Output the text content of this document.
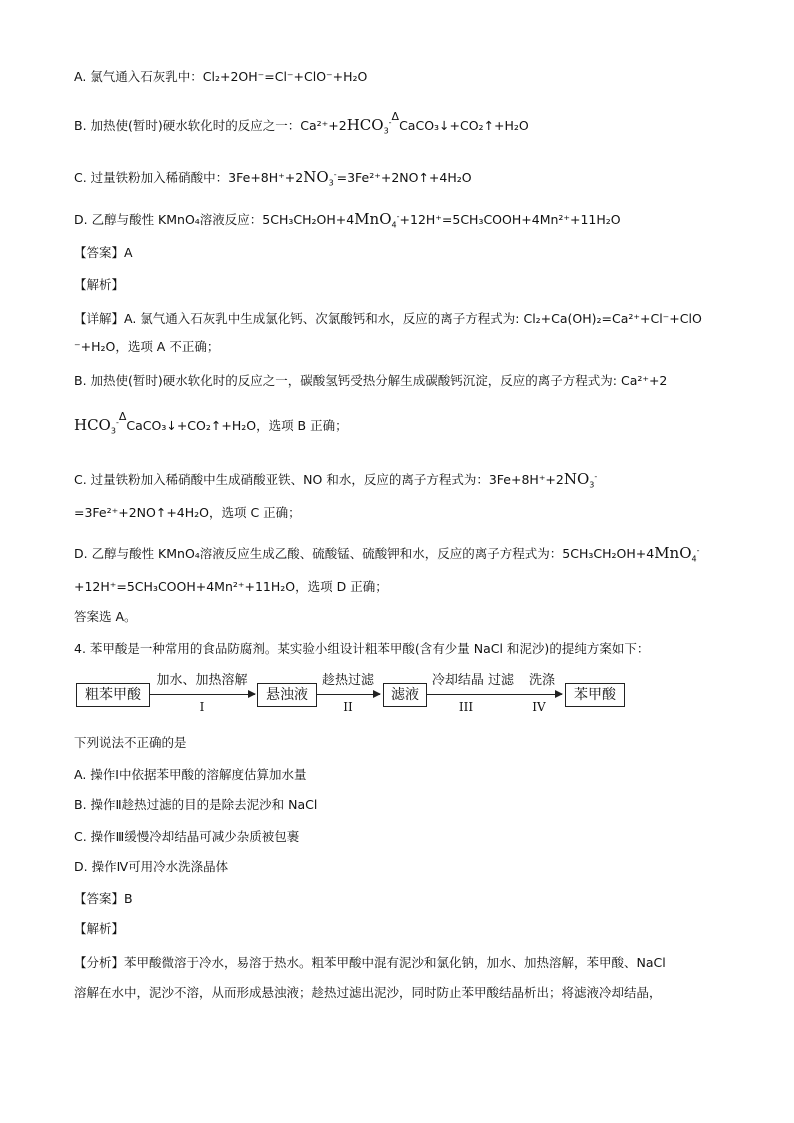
A. 氯气通入石灰乳中：Cl₂+2OH⁻=Cl⁻+ClO⁻+H₂O
B. 加热使(暂时)硬水软化时的反应之一：$Ca^{2+}+2HCO_3^-\Delta CaCO_3↓+CO_2↑+H_2O$
C. 过量铁粉加入稀硝酸中：$3Fe+8H^++2NO_3^-=3Fe^{2+}+2NO↑+4H_2O$
D. 乙醇与酸性 KMnO₄溶液反应：5CH₃CH₂OH+4MnO$_4$-+12H⁺=5CH₃COOH+4Mn²⁺+11H₂O
【答案】A
【解析】
【详解】A. 氯气通入石灰乳中生成氯化钙、次氯酸钙和水，反应的离子方程式为: Cl₂+Ca(OH)₂=Ca²⁺+Cl⁻+ClO
⁻+H₂O，选项 A 不正确；
B. 加热使(暂时)硬水软化时的反应之一，碳酸氢钙受热分解生成碳酸钙沉淀，反应的离子方程式为: Ca²⁺+2
$HCO_3^-\Delta CaCO_3↓+CO_2↑+H_2O$，选项 B 正确；
C. 过量铁粉加入稀硝酸中生成硝酸亚铁、NO 和水，反应的离子方程式为：$3Fe+8H^++2NO_3^-$
=3Fe²⁺+2NO↑+4H₂O，选项 C 正确；
D. 乙醇与酸性 KMnO₄溶液反应生成乙酸、硫酸锰、硫酸钾和水，反应的离子方程式为：5CH₃CH₂OH+4MnO$_4$-
+12H⁺=5CH₃COOH+4Mn²⁺+11H₂O，选项 D 正确；
答案选 A。
4. 苯甲酸是一种常用的食品防腐剂。某实验小组设计粗苯甲酸(含有少量 NaCl 和泥沙)的提纯方案如下：
粗苯甲酸
加水、加热溶解
I
悬浊液
趁热过滤
II
滤液
冷却结晶 过滤	洗涤
III	IV
苯甲酸
下列说法不正确的是
A. 操作Ⅰ中依据苯甲酸的溶解度估算加水量
B. 操作Ⅱ趁热过滤的目的是除去泥沙和 NaCl
C. 操作Ⅲ缓慢冷却结晶可减少杂质被包裹
D. 操作Ⅳ可用冷水洗涤晶体
【答案】B
【解析】
【分析】苯甲酸微溶于冷水，易溶于热水。粗苯甲酸中混有泥沙和氯化钠，加水、加热溶解，苯甲酸、NaCl
溶解在水中，泥沙不溶，从而形成悬浊液；趁热过滤出泥沙，同时防止苯甲酸结晶析出；将滤液冷却结晶，
